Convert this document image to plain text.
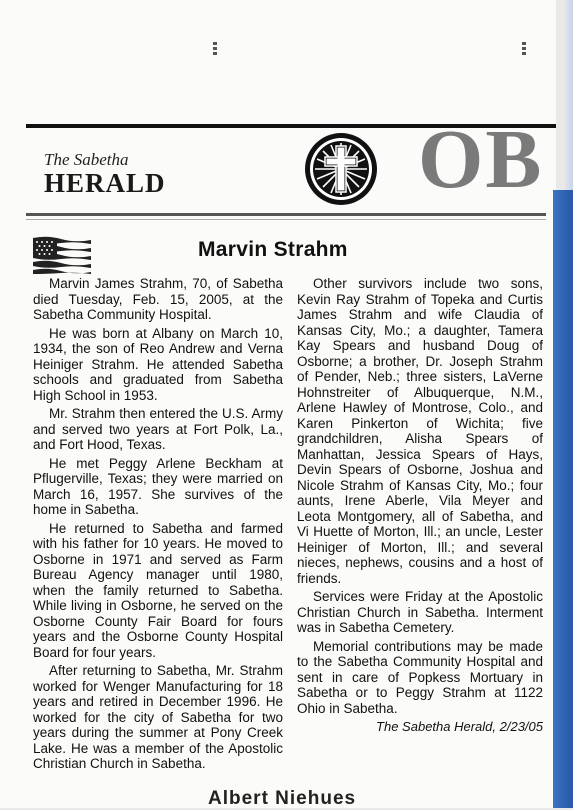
The Sabetha
HERALD	OB
Marvin Strahm

Marvin James Strahm, 70, of Sabetha died Tuesday, Feb. 15, 2005, at the Sabetha Community Hospital.

He was born at Albany on March 10, 1934, the son of Reo Andrew and Verna Heiniger Strahm. He attended Sabetha schools and graduated from Sabetha High School in 1953.

Mr. Strahm then entered the U.S. Army and served two years at Fort Polk, La., and Fort Hood, Texas.

He met Peggy Arlene Beckham at Pflugerville, Texas; they were married on March 16, 1957. She survives of the home in Sabetha.

He returned to Sabetha and farmed with his father for 10 years. He moved to Osborne in 1971 and served as Farm Bureau Agency manager until 1980, when the family returned to Sabetha. While living in Osborne, he served on the Osborne County Fair Board for fours years and the Osborne County Hospital Board for four years.

After returning to Sabetha, Mr. Strahm worked for Wenger Manufacturing for 18 years and retired in December 1996. He worked for the city of Sabetha for two years during the summer at Pony Creek Lake. He was a member of the Apostolic Christian Church in Sabetha.

Other survivors include two sons, Kevin Ray Strahm of Topeka and Curtis James Strahm and wife Claudia of Kansas City, Mo.; a daughter, Tamera Kay Spears and husband Doug of Osborne; a brother, Dr. Joseph Strahm of Pender, Neb.; three sisters, LaVerne Hohnstreiter of Albuquerque, N.M., Arlene Hawley of Montrose, Colo., and Karen Pinkerton of Wichita; five grandchildren, Alisha Spears of Manhattan, Jessica Spears of Hays, Devin Spears of Osborne, Joshua and Nicole Strahm of Kansas City, Mo.; four aunts, Irene Aberle, Vila Meyer and Leota Montgomery, all of Sabetha, and Vi Huette of Morton, Ill.; an uncle, Lester Heiniger of Morton, Ill.; and several nieces, nephews, cousins and a host of friends.

Services were Friday at the Apostolic Christian Church in Sabetha. Interment was in Sabetha Cemetery.

Memorial contributions may be made to the Sabetha Community Hospital and sent in care of Popkess Mortuary in Sabetha or to Peggy Strahm at 1122 Ohio in Sabetha.

The Sabetha Herald, 2/23/05
Albert Niehues
